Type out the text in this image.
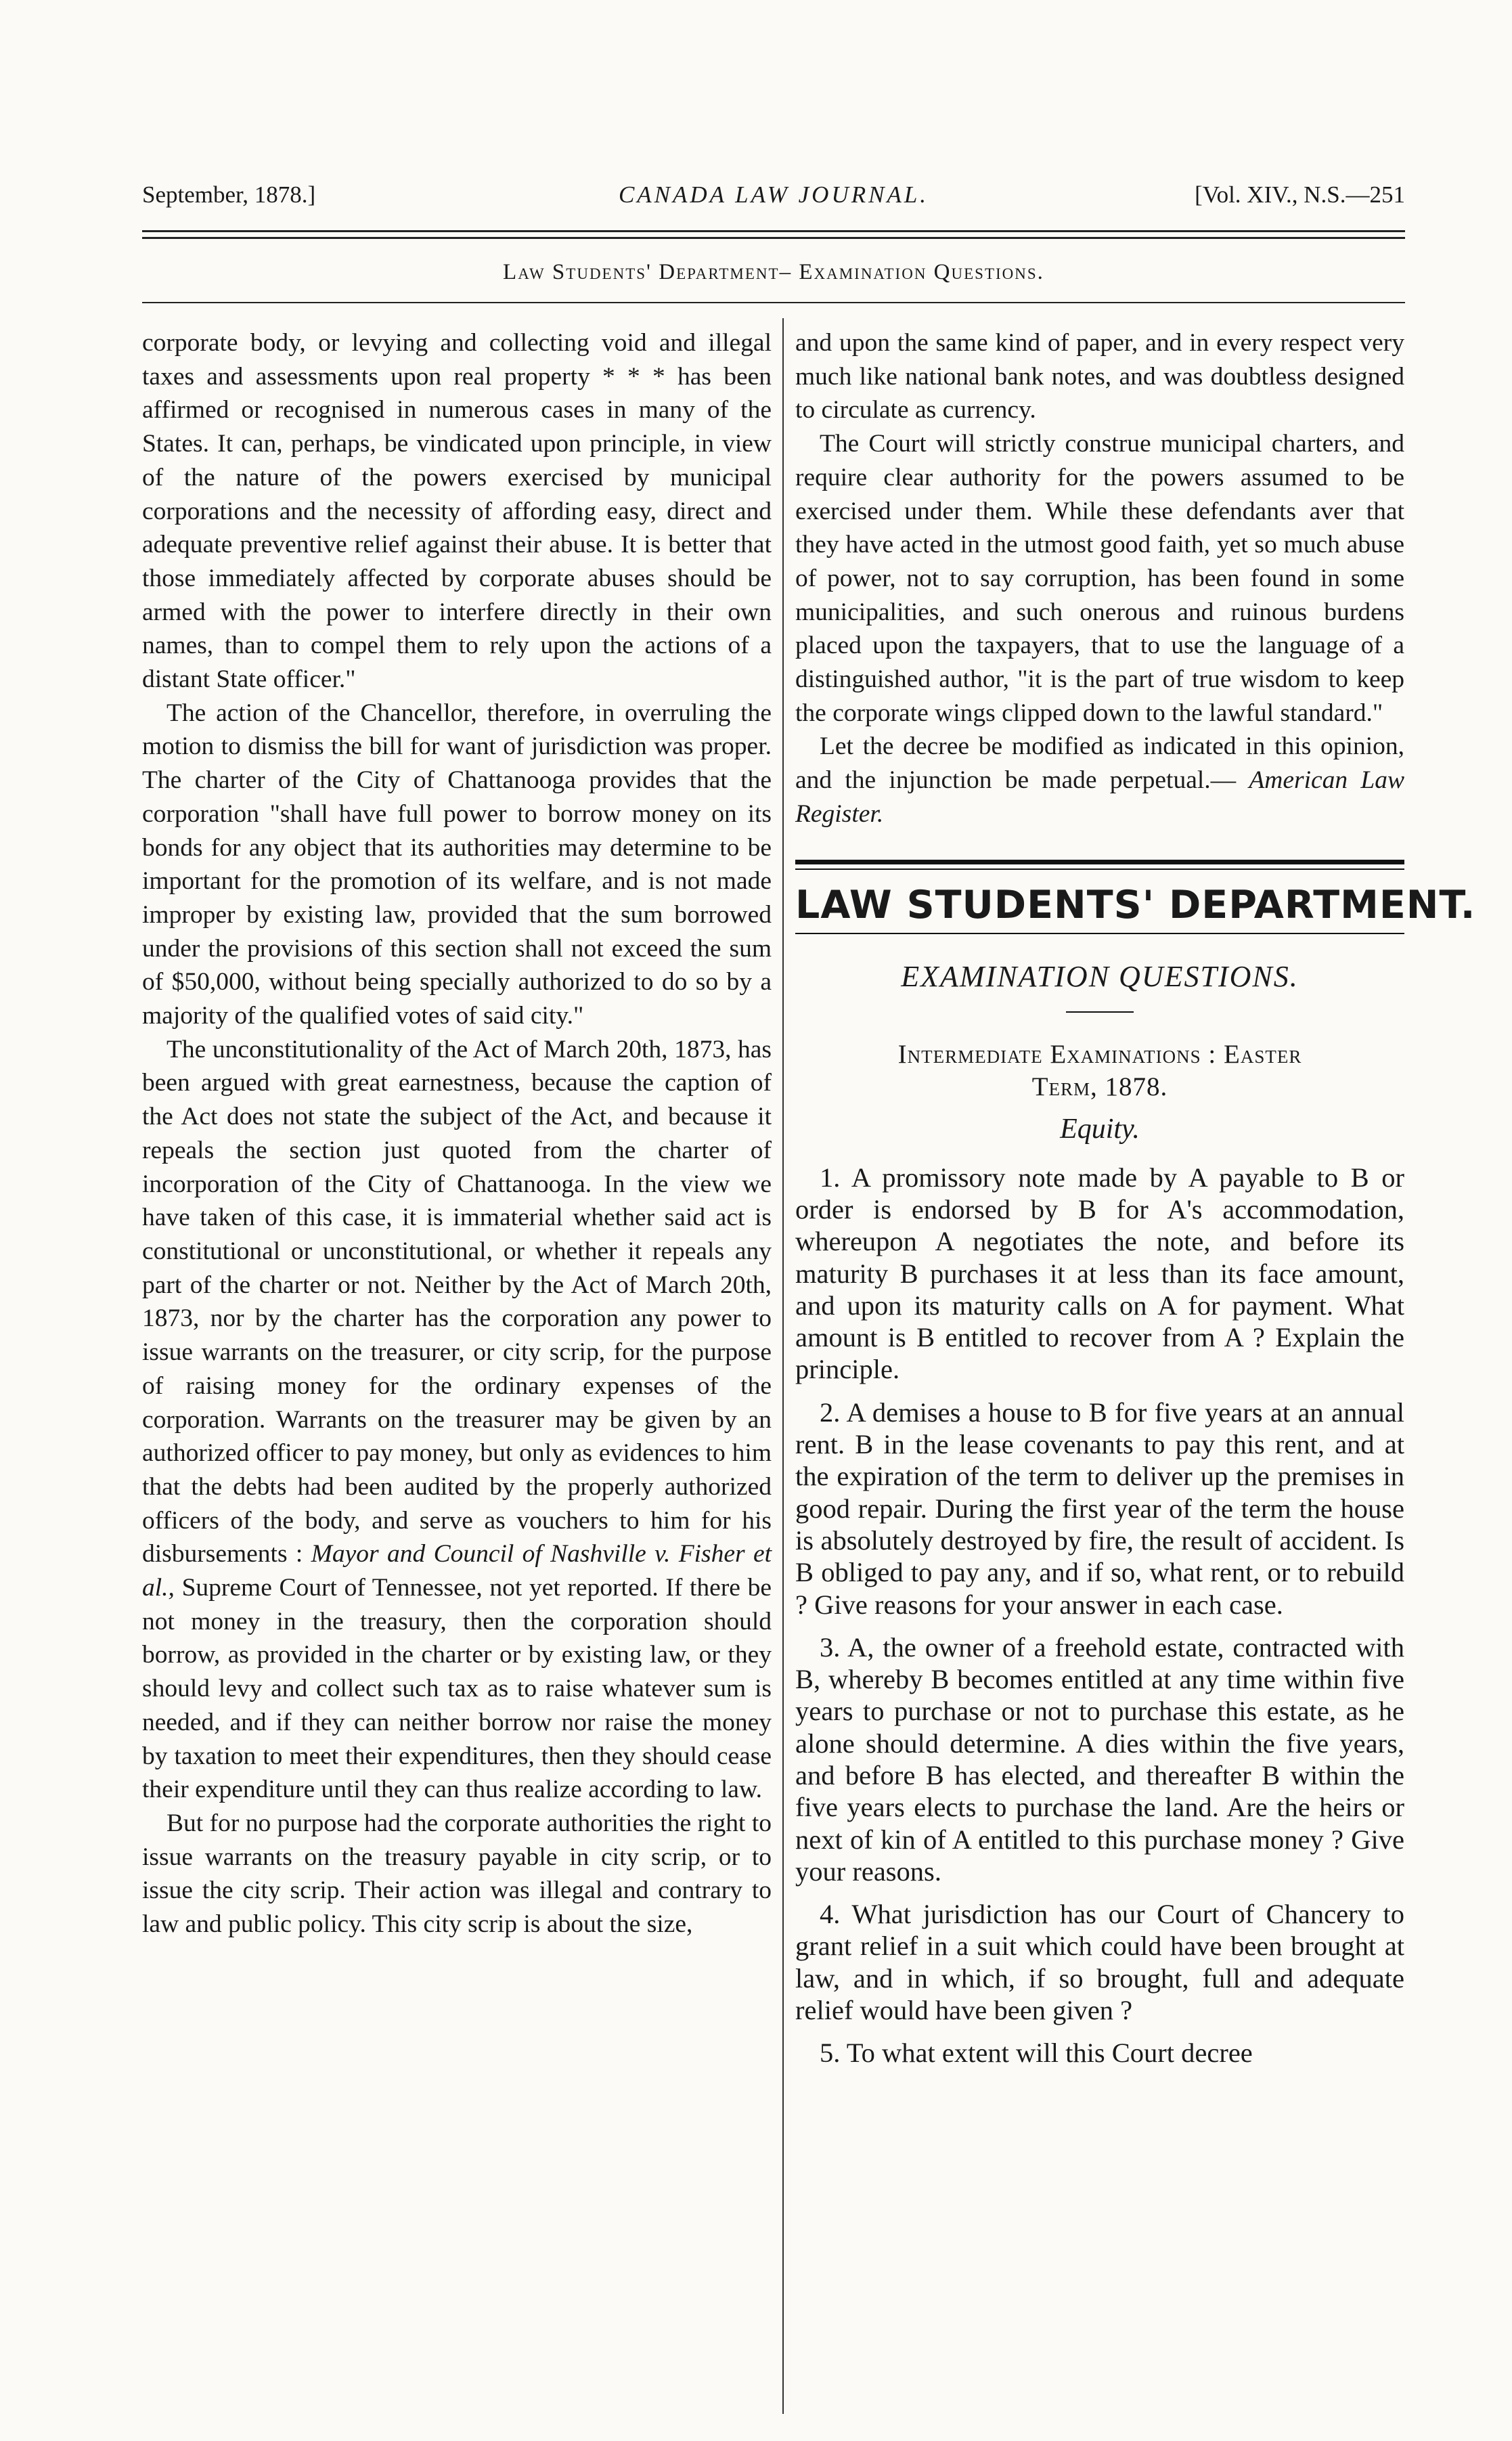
September, 1878.]	CANADA LAW JOURNAL.	[Vol. XIV., N.S.—251
Law Students' Department– Examination Questions.

corporate body, or levying and collecting void and illegal taxes and assessments upon real property * * * has been affirmed or recognised in numerous cases in many of the States. It can, perhaps, be vindicated upon principle, in view of the nature of the powers exercised by municipal corporations and the necessity of affording easy, direct and adequate preventive relief against their abuse. It is better that those immediately affected by corporate abuses should be armed with the power to interfere directly in their own names, than to compel them to rely upon the actions of a distant State officer."

The action of the Chancellor, therefore, in overruling the motion to dismiss the bill for want of jurisdiction was proper. The charter of the City of Chattanooga provides that the corporation "shall have full power to borrow money on its bonds for any object that its authorities may determine to be important for the promotion of its welfare, and is not made improper by existing law, provided that the sum borrowed under the provisions of this section shall not exceed the sum of $50,000, without being specially authorized to do so by a majority of the qualified votes of said city."

The unconstitutionality of the Act of March 20th, 1873, has been argued with great earnestness, because the caption of the Act does not state the subject of the Act, and because it repeals the section just quoted from the charter of incorporation of the City of Chattanooga. In the view we have taken of this case, it is immaterial whether said act is constitutional or unconstitutional, or whether it repeals any part of the charter or not. Neither by the Act of March 20th, 1873, nor by the charter has the corporation any power to issue warrants on the treasurer, or city scrip, for the purpose of raising money for the ordinary expenses of the corporation. Warrants on the treasurer may be given by an authorized officer to pay money, but only as evidences to him that the debts had been audited by the properly authorized officers of the body, and serve as vouchers to him for his disbursements : Mayor and Council of Nashville v. Fisher et al., Supreme Court of Tennessee, not yet reported. If there be not money in the treasury, then the corporation should borrow, as provided in the charter or by existing law, or they should levy and collect such tax as to raise whatever sum is needed, and if they can neither borrow nor raise the money by taxation to meet their expenditures, then they should cease their expenditure until they can thus realize according to law.

But for no purpose had the corporate authorities the right to issue warrants on the treasury payable in city scrip, or to issue the city scrip. Their action was illegal and contrary to law and public policy. This city scrip is about the size,

and upon the same kind of paper, and in every respect very much like national bank notes, and was doubtless designed to circulate as currency.

The Court will strictly construe municipal charters, and require clear authority for the powers assumed to be exercised under them. While these defendants aver that they have acted in the utmost good faith, yet so much abuse of power, not to say corruption, has been found in some municipalities, and such onerous and ruinous burdens placed upon the taxpayers, that to use the language of a distinguished author, "it is the part of true wisdom to keep the corporate wings clipped down to the lawful standard."

Let the decree be modified as indicated in this opinion, and the injunction be made perpetual.— American Law Register.

LAW STUDENTS' DEPARTMENT.
EXAMINATION QUESTIONS.
Intermediate Examinations : Easter
Term, 1878.
Equity.

1. A promissory note made by A payable to B or order is endorsed by B for A's accommodation, whereupon A negotiates the note, and before its maturity B purchases it at less than its face amount, and upon its maturity calls on A for payment. What amount is B entitled to recover from A ? Explain the principle.

2. A demises a house to B for five years at an annual rent. B in the lease covenants to pay this rent, and at the expiration of the term to deliver up the premises in good repair. During the first year of the term the house is absolutely destroyed by fire, the result of accident. Is B obliged to pay any, and if so, what rent, or to rebuild ? Give reasons for your answer in each case.

3. A, the owner of a freehold estate, contracted with B, whereby B becomes entitled at any time within five years to purchase or not to purchase this estate, as he alone should determine. A dies within the five years, and before B has elected, and thereafter B within the five years elects to purchase the land. Are the heirs or next of kin of A entitled to this purchase money ? Give your reasons.

4. What jurisdiction has our Court of Chancery to grant relief in a suit which could have been brought at law, and in which, if so brought, full and adequate relief would have been given ?

5. To what extent will this Court decree
